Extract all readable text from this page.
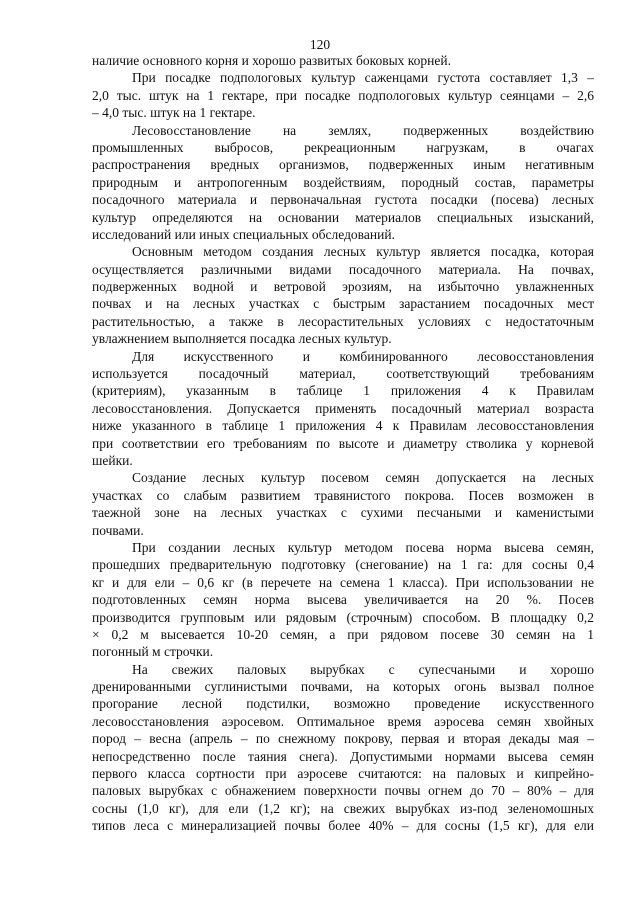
120
наличие основного корня и хорошо развитых боковых корней.
При посадке подпологовых культур саженцами густота составляет 1,3 –
2,0 тыс. штук на 1 гектаре, при посадке подпологовых культур сеянцами – 2,6
– 4,0 тыс. штук на 1 гектаре.
Лесовосстановление на землях, подверженных воздействию
промышленных выбросов, рекреационным нагрузкам, в очагах
распространения вредных организмов, подверженных иным негативным
природным и антропогенным воздействиям, породный состав, параметры
посадочного материала и первоначальная густота посадки (посева) лесных
культур определяются на основании материалов специальных изысканий,
исследований или иных специальных обследований.
Основным методом создания лесных культур является посадка, которая
осуществляется различными видами посадочного материала. На почвах,
подверженных водной и ветровой эрозиям, на избыточно увлажненных
почвах и на лесных участках с быстрым зарастанием посадочных мест
растительностью, а также в лесорастительных условиях с недостаточным
увлажнением выполняется посадка лесных культур.
Для искусственного и комбинированного лесовосстановления
используется посадочный материал, соответствующий требованиям
(критериям), указанным в таблице 1 приложения 4 к Правилам
лесовосстановления. Допускается применять посадочный материал возраста
ниже указанного в таблице 1 приложения 4 к Правилам лесовосстановления
при соответствии его требованиям по высоте и диаметру стволика у корневой
шейки.
Создание лесных культур посевом семян допускается на лесных
участках со слабым развитием травянистого покрова. Посев возможен в
таежной зоне на лесных участках с сухими песчаными и каменистыми
почвами.
При создании лесных культур методом посева норма высева семян,
прошедших предварительную подготовку (снегование) на 1 га: для сосны 0,4
кг и для ели – 0,6 кг (в перечете на семена 1 класса). При использовании не
подготовленных семян норма высева увеличивается на 20 %. Посев
производится групповым или рядовым (строчным) способом. В площадку 0,2
× 0,2 м высевается 10-20 семян, а при рядовом посеве 30 семян на 1
погонный м строчки.
На свежих паловых вырубках с супесчаными и хорошо
дренированными суглинистыми почвами, на которых огонь вызвал полное
прогорание лесной подстилки, возможно проведение искусственного
лесовосстановления аэросевом. Оптимальное время аэросева семян хвойных
пород – весна (апрель – по снежному покрову, первая и вторая декады мая –
непосредственно после таяния снега). Допустимыми нормами высева семян
первого класса сортности при аэросеве считаются: на паловых и кипрейно-
паловых вырубках с обнажением поверхности почвы огнем до 70 – 80% – для
сосны (1,0 кг), для ели (1,2 кг); на свежих вырубках из-под зеленомошных
типов леса с минерализацией почвы более 40% – для сосны (1,5 кг), для ели
